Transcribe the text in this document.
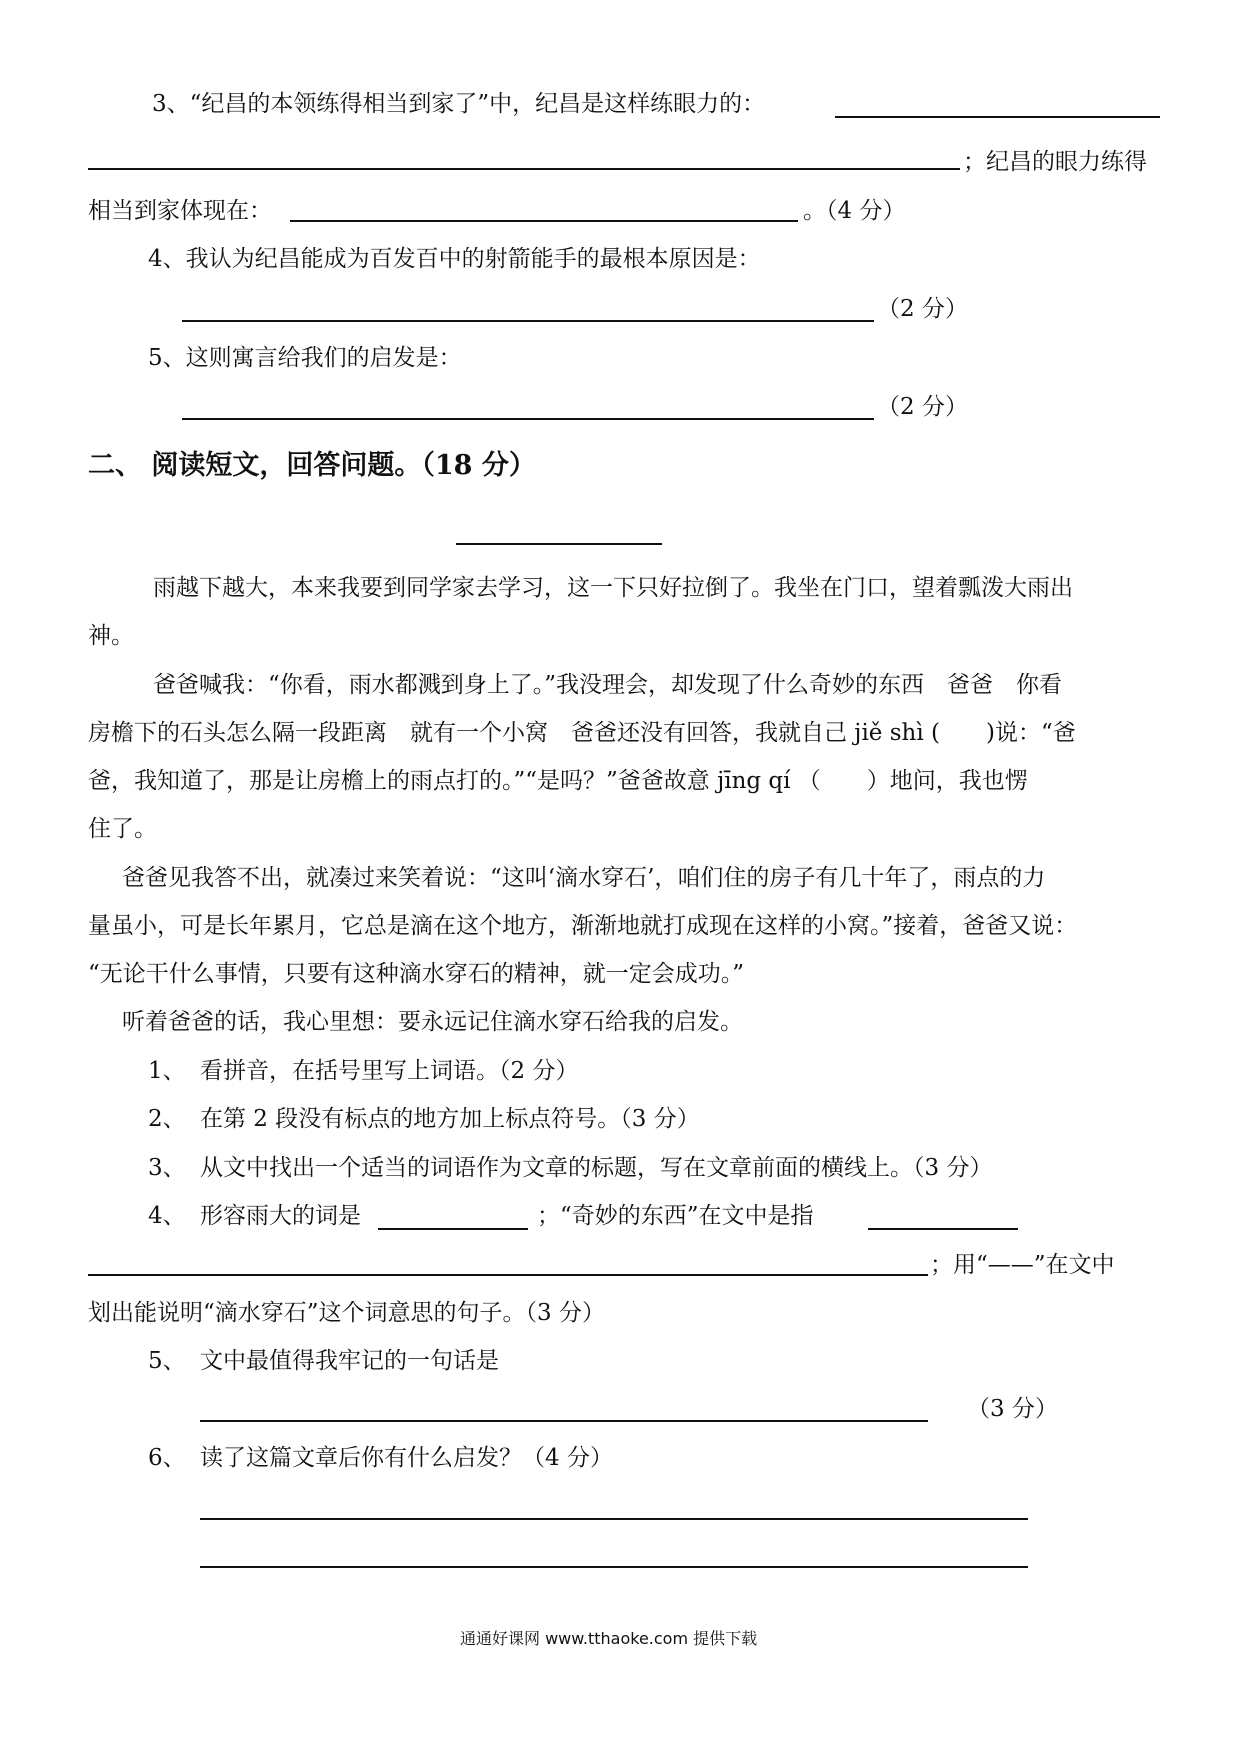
3、“纪昌的本领练得相当到家了”中，纪昌是这样练眼力的：
；纪昌的眼力练得
相当到家体现在：	。（4 分）
4、我认为纪昌能成为百发百中的射箭能手的最根本原因是：
（2 分）
5、这则寓言给我们的启发是：
（2 分）
二、 阅读短文，回答问题。（18 分）
雨越下越大，本来我要到同学家去学习，这一下只好拉倒了。我坐在门口，望着瓢泼大雨出
神。
爸爸喊我：“你看，雨水都溅到身上了。”我没理会，却发现了什么奇妙的东西　爸爸　你看
房檐下的石头怎么隔一段距离　就有一个小窝　爸爸还没有回答，我就自己 jiě shì (　　)说：“爸
爸，我知道了，那是让房檐上的雨点打的。”“是吗？”爸爸故意 jīng qí （　　）地问，我也愣
住了。
爸爸见我答不出，就凑过来笑着说：“这叫‘滴水穿石’，咱们住的房子有几十年了，雨点的力
量虽小，可是长年累月，它总是滴在这个地方，渐渐地就打成现在这样的小窝。”接着，爸爸又说：
“无论干什么事情，只要有这种滴水穿石的精神，就一定会成功。”
听着爸爸的话，我心里想：要永远记住滴水穿石给我的启发。
1、 看拼音，在括号里写上词语。（2 分）
2、 在第 2 段没有标点的地方加上标点符号。（3 分）
3、 从文中找出一个适当的词语作为文章的标题，写在文章前面的横线上。（3 分）
4、 形容雨大的词是	；“奇妙的东西”在文中是指
；用“——”在文中
划出能说明“滴水穿石”这个词意思的句子。（3 分）
5、 文中最值得我牢记的一句话是
（3 分）
6、 读了这篇文章后你有什么启发？（4 分）
通通好课网 www.tthaoke.com 提供下载
